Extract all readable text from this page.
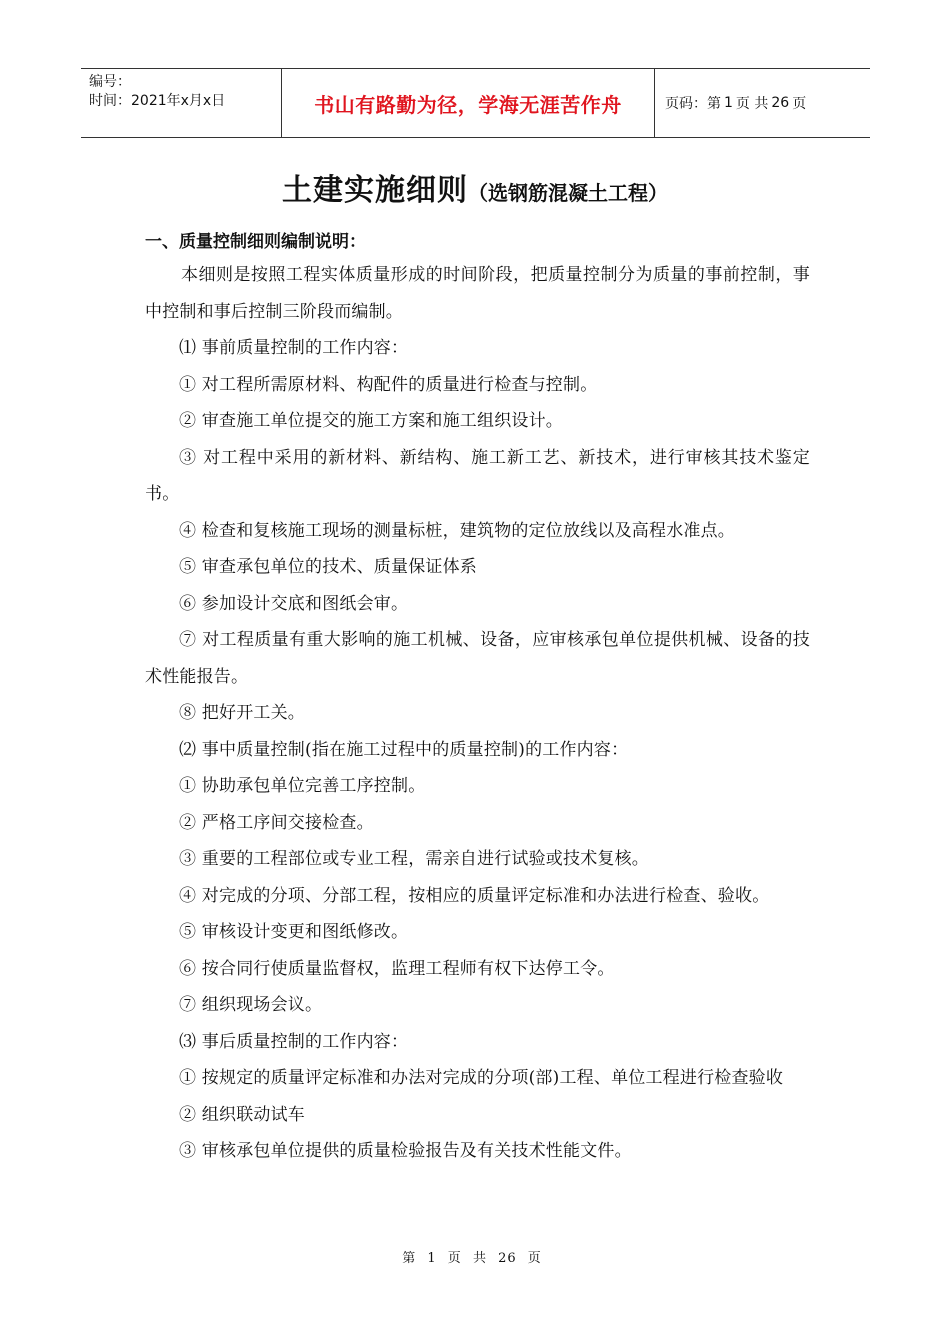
编号：
时间：2021年x月x日	书山有路勤为径，学海无涯苦作舟	页码：第 1 页 共 26 页
土建实施细则（选钢筋混凝土工程）

一、质量控制细则编制说明：

本细则是按照工程实体质量形成的时间阶段，把质量控制分为质量的事前控制，事中控制和事后控制三阶段而编制。

⑴ 事前质量控制的工作内容：

① 对工程所需原材料、构配件的质量进行检查与控制。

② 审查施工单位提交的施工方案和施工组织设计。

③ 对工程中采用的新材料、新结构、施工新工艺、新技术，进行审核其技术鉴定书。

④ 检查和复核施工现场的测量标桩，建筑物的定位放线以及高程水准点。

⑤ 审查承包单位的技术、质量保证体系

⑥ 参加设计交底和图纸会审。

⑦ 对工程质量有重大影响的施工机械、设备，应审核承包单位提供机械、设备的技术性能报告。

⑧ 把好开工关。

⑵ 事中质量控制(指在施工过程中的质量控制)的工作内容：

① 协助承包单位完善工序控制。

② 严格工序间交接检查。

③ 重要的工程部位或专业工程，需亲自进行试验或技术复核。

④ 对完成的分项、分部工程，按相应的质量评定标准和办法进行检查、验收。

⑤ 审核设计变更和图纸修改。

⑥ 按合同行使质量监督权，监理工程师有权下达停工令。

⑦ 组织现场会议。

⑶ 事后质量控制的工作内容：

① 按规定的质量评定标准和办法对完成的分项(部)工程、单位工程进行检查验收

② 组织联动试车

③ 审核承包单位提供的质量检验报告及有关技术性能文件。

第 1 页 共 26 页
